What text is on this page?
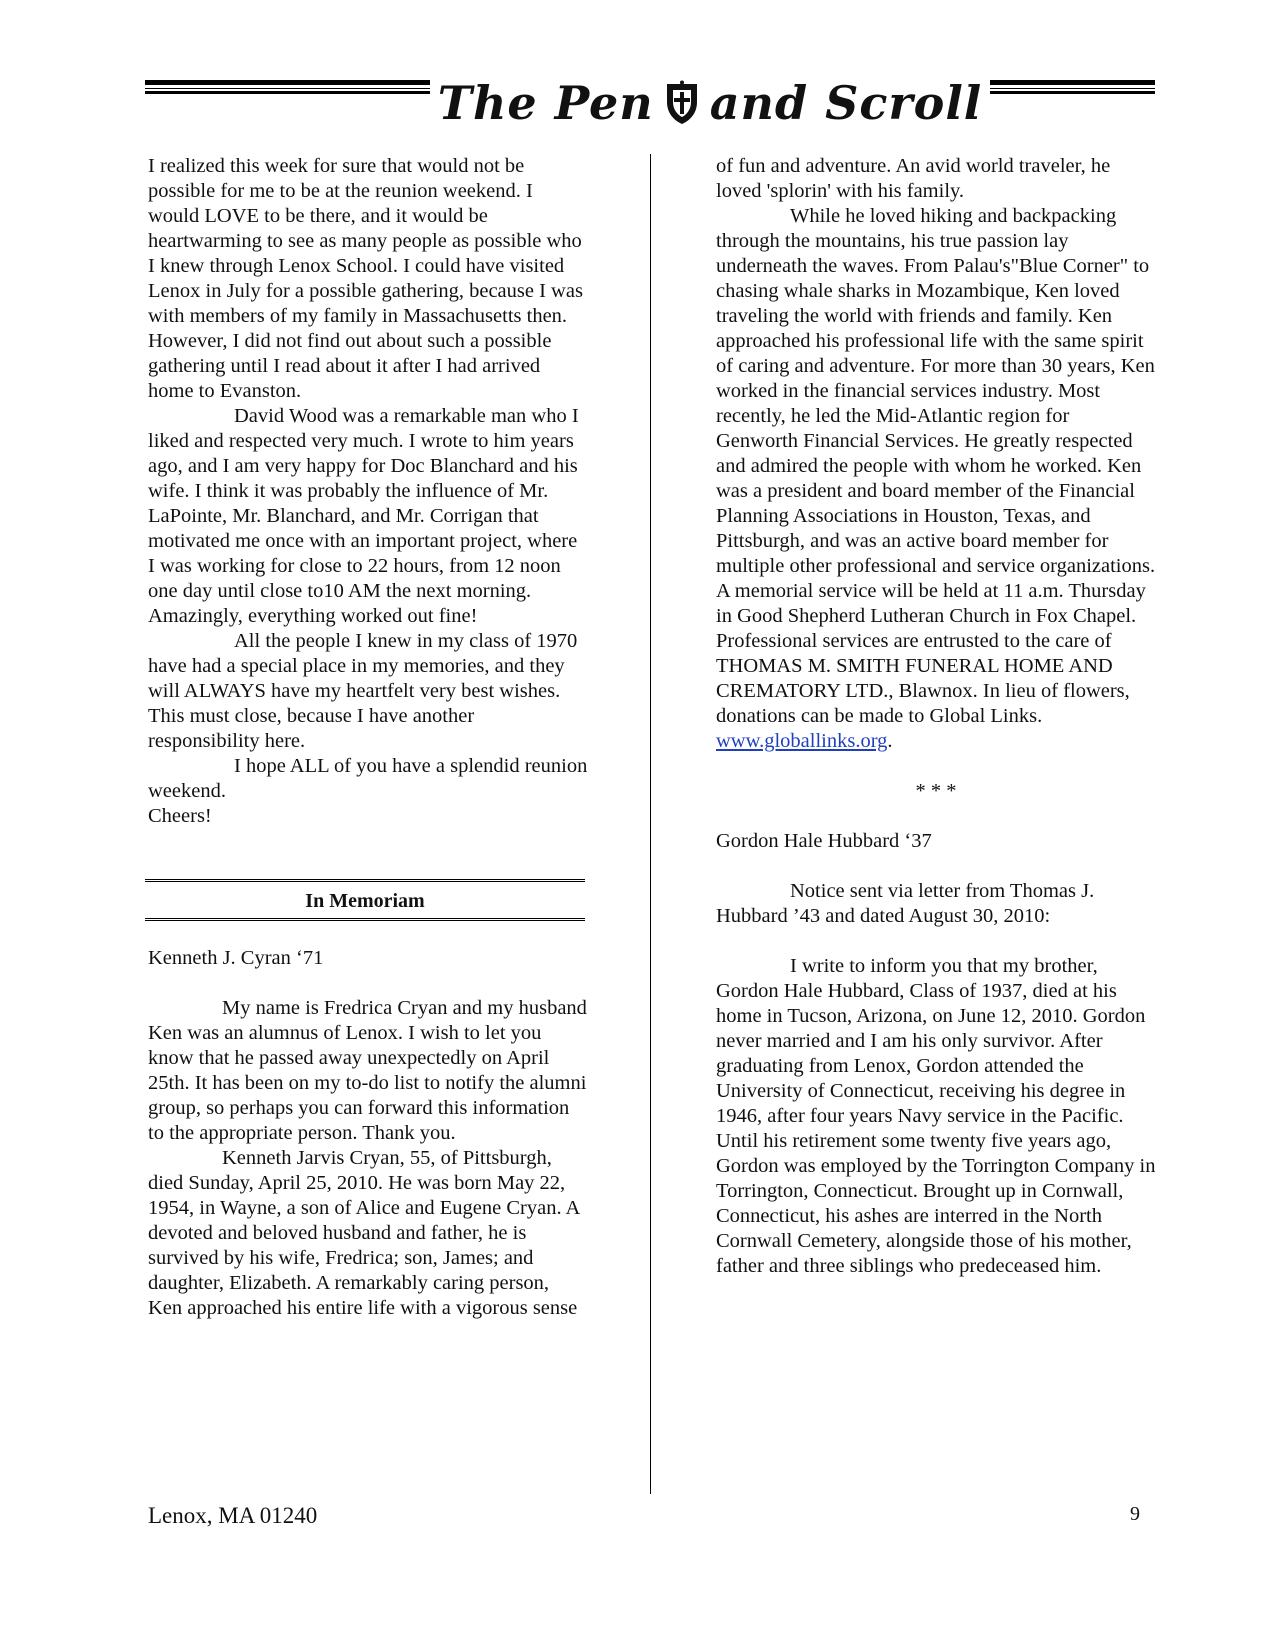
The Pen and Scroll

I realized this week for sure that would not be possible for me to be at the reunion weekend. I would LOVE to be there, and it would be heartwarming to see as many people as possible who I knew through Lenox School. I could have visited Lenox in July for a possible gathering, because I was with members of my family in Massachusetts then. However, I did not find out about such a possible gathering until I read about it after I had arrived home to Evanston.

David Wood was a remarkable man who I liked and respected very much. I wrote to him years ago, and I am very happy for Doc Blanchard and his wife. I think it was probably the influence of Mr. LaPointe, Mr. Blanchard, and Mr. Corrigan that motivated me once with an important project, where I was working for close to 22 hours, from 12 noon one day until close to10 AM the next morning. Amazingly, everything worked out fine!

All the people I knew in my class of 1970 have had a special place in my memories, and they will ALWAYS have my heartfelt very best wishes.

This must close, because I have another responsibility here.

I hope ALL of you have a splendid reunion weekend.

Cheers!

In Memoriam

Kenneth J. Cyran ‘71

My name is Fredrica Cryan and my husband Ken was an alumnus of Lenox. I wish to let you know that he passed away unexpectedly on April 25th. It has been on my to-do list to notify the alumni group, so perhaps you can forward this information to the appropriate person. Thank you.

Kenneth Jarvis Cryan, 55, of Pittsburgh, died Sunday, April 25, 2010. He was born May 22, 1954, in Wayne, a son of Alice and Eugene Cryan. A devoted and beloved husband and father, he is survived by his wife, Fredrica; son, James; and daughter, Elizabeth. A remarkably caring person, Ken approached his entire life with a vigorous sense

of fun and adventure. An avid world traveler, he loved 'splorin' with his family.

While he loved hiking and backpacking through the mountains, his true passion lay underneath the waves. From Palau's"Blue Corner" to chasing whale sharks in Mozambique, Ken loved traveling the world with friends and family. Ken approached his professional life with the same spirit of caring and adventure. For more than 30 years, Ken worked in the financial services industry. Most recently, he led the Mid-Atlantic region for Genworth Financial Services. He greatly respected and admired the people with whom he worked. Ken was a president and board member of the Financial Planning Associations in Houston, Texas, and Pittsburgh, and was an active board member for multiple other professional and service organizations. A memorial service will be held at 11 a.m. Thursday in Good Shepherd Lutheran Church in Fox Chapel. Professional services are entrusted to the care of THOMAS M. SMITH FUNERAL HOME AND CREMATORY LTD., Blawnox. In lieu of flowers, donations can be made to Global Links.

www.globallinks.org.

* * *

Gordon Hale Hubbard ‘37

Notice sent via letter from Thomas J. Hubbard ’43 and dated August 30, 2010:

I write to inform you that my brother, Gordon Hale Hubbard, Class of 1937, died at his home in Tucson, Arizona, on June 12, 2010. Gordon never married and I am his only survivor. After graduating from Lenox, Gordon attended the University of Connecticut, receiving his degree in 1946, after four years Navy service in the Pacific. Until his retirement some twenty five years ago, Gordon was employed by the Torrington Company in Torrington, Connecticut. Brought up in Cornwall, Connecticut, his ashes are interred in the North Cornwall Cemetery, alongside those of his mother, father and three siblings who predeceased him.

Lenox, MA 01240	9
